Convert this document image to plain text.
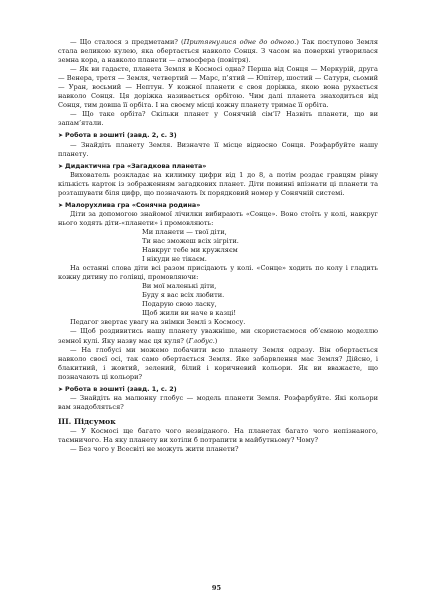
— Що сталося з предметами? (Притягнулися одне до одного.) Так поступово Земля стала великою кулею, яка обертається навколо Сонця. З часом на поверхні утворилася земна кора, а навколо планети — атмосфера (повітря).

— Як ви гадаєте, планета Земля в Космосі одна? Перша від Сонця — Меркурій, друга — Венера, третя — Земля, четвертий — Марс, п’ятий — Юпітер, шостий — Сатурн, сьомий — Уран, восьмий — Нептун. У кожної планети є своя доріжка, якою вона рухається навколо Сонця. Ця доріжка називається орбітою. Чим далі планета знаходиться від Сонця, тим довша її орбіта. І на своєму місці кожну планету тримає її орбіта.

— Що таке орбіта? Скільки планет у Сонячній сім’ї? Назвіть планети, що ви запам’ятали.

➤ Робота в зошиті (завд. 2, с. 3)

— Знайдіть планету Земля. Визначте її місце відносно Сонця. Розфарбуйте нашу планету.

➤ Дидактична гра «Загадкова планета»

Вихователь розкладає на килимку цифри від 1 до 8, а потім роздає гравцям рівну кількість карток із зображенням загадкових планет. Діти повинні впізнати ці планети та розташувати біля цифр, що позначають їх порядковий номер у Сонячній системі.

➤ Малорухлива гра «Сонячна родина»

Діти за допомогою знайомої лічилки вибирають «Сонце». Воно стоїть у колі, навкруг нього ходять діти-«планети» і промовляють:

Ми планети — твої діти,

Ти нас зможеш всіх зігріти.

Навкруг тебе ми кружляєм

І нікуди не тікаєм.

На останні слова діти всі разом присідають у колі. «Сонце» ходить по колу і гладить кожну дитину по голівці, промовляючи:

Ви мої маленькі діти,

Буду я вас всіх любити.

Подарую свою ласку,

Щоб жили ви наче в казці!

Педагог звертає увагу на знімки Землі з Космосу.

— Щоб роздивитись нашу планету уважніше, ми скористаємося об’ємною моделлю земної кулі. Яку назву має ця куля? (Глобус.)

— На глобусі ми можемо побачити всю планету Земля одразу. Він обертається навколо своєї осі, так само обертається Земля. Яке забарвлення має Земля? Дійсно, і блакитний, і жовтий, зелений, білий і коричневий кольори. Як ви вважаєте, що позначають ці кольори?

➤ Робота в зошиті (завд. 1, с. 2)

— Знайдіть на малюнку глобус — модель планети Земля. Розфарбуйте. Які кольори вам знадобляться?

ІІІ. Підсумок

— У Космосі ще багато чого незвіданого. На планетах багато чого непізнаного, таємничого. На яку планету ви хотіли б потрапити в майбутньому? Чому?

— Без чого у Всесвіті не можуть жити планети?

95
